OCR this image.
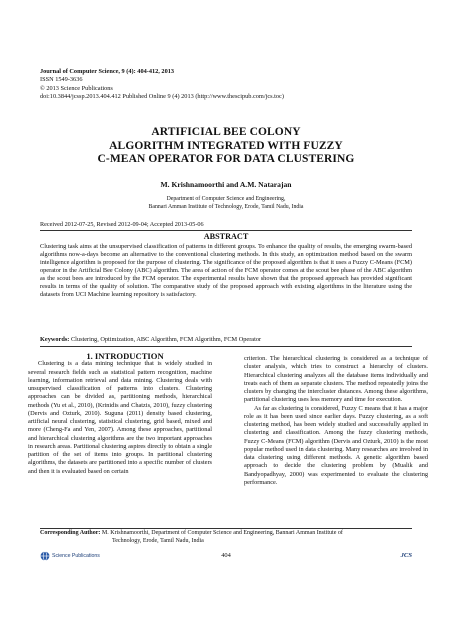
Journal of Computer Science, 9 (4): 404-412, 2013
ISSN 1549-3636
© 2013 Science Publications
doi:10.3844/jcssp.2013.404.412 Published Online 9 (4) 2013 (http://www.thescipub.com/jcs.toc)
ARTIFICIAL BEE COLONY
ALGORITHM INTEGRATED WITH FUZZY
C-MEAN OPERATOR FOR DATA CLUSTERING
M. Krishnamoorthi and A.M. Natarajan
Department of Computer Science and Engineering,
Bannari Amman Institute of Technology, Erode, Tamil Nadu, India
Received 2012-07-25, Revised 2012-09-04; Accepted 2013-05-06
ABSTRACT
Clustering task aims at the unsupervised classification of patterns in different groups. To enhance the quality of results, the emerging swarm-based algorithms now-a-days become an alternative to the conventional clustering methods. In this study, an optimization method based on the swarm intelligence algorithm is proposed for the purpose of clustering. The significance of the proposed algorithm is that it uses a Fuzzy C-Means (FCM) operator in the Artificial Bee Colony (ABC) algorithm. The area of action of the FCM operator comes at the scout bee phase of the ABC algorithm as the scout bees are introduced by the FCM operator. The experimental results have shown that the proposed approach has provided significant results in terms of the quality of solution. The comparative study of the proposed approach with existing algorithms in the literature using the datasets from UCI Machine learning repository is satisfactory.
Keywords: Clustering, Optimization, ABC Algorithm, FCM Algorithm, FCM Operator

1. INTRODUCTION

Clustering is a data mining technique that is widely studied in several research fields such as statistical pattern recognition, machine learning, information retrieval and data mining. Clustering deals with unsupervised classification of patterns into clusters. Clustering approaches can be divided as, partitioning methods, hierarchical methods (Yu et al., 2010), (Krinidis and Chatzis, 2010), fuzzy clustering (Dervis and Ozturk, 2010). Suguna (2011) density based clustering, artificial neural clustering, statistical clustering, grid based, mixed and more (Cheng-Fa and Yen, 2007). Among these approaches, partitional and hierarchical clustering algorithms are the two important approaches in research areas. Partitional clustering aspires directly to obtain a single partition of the set of items into groups. In partitional clustering algorithms, the datasets are partitioned into a specific number of clusters and then it is evaluated based on certain

criterion. The hierarchical clustering is considered as a technique of cluster analysis, which tries to construct a hierarchy of clusters. Hierarchical clustering analyzes all the database items individually and treats each of them as separate clusters. The method repeatedly joins the clusters by changing the intercluster distances. Among these algorithms, partitional clustering uses less memory and time for execution.

As far as clustering is considered, Fuzzy C means that it has a major role as it has been used since earlier days. Fuzzy clustering, as a soft clustering method, has been widely studied and successfully applied in clustering and classification. Among the fuzzy clustering methods, Fuzzy C-Means (FCM) algorithm (Dervis and Ozturk, 2010) is the most popular method used in data clustering. Many researches are involved in data clustering using different methods. A genetic algorithm based approach to decide the clustering problem by (Mualik and Bandyopadhyay, 2000) was experimented to evaluate the clustering performance.

Corresponding Author: M. Krishnamoorthi, Department of Computer Science and Engineering, Bannari Amman Institute of
Technology, Erode, Tamil Nadu, India
Science Publications	404	JCS
